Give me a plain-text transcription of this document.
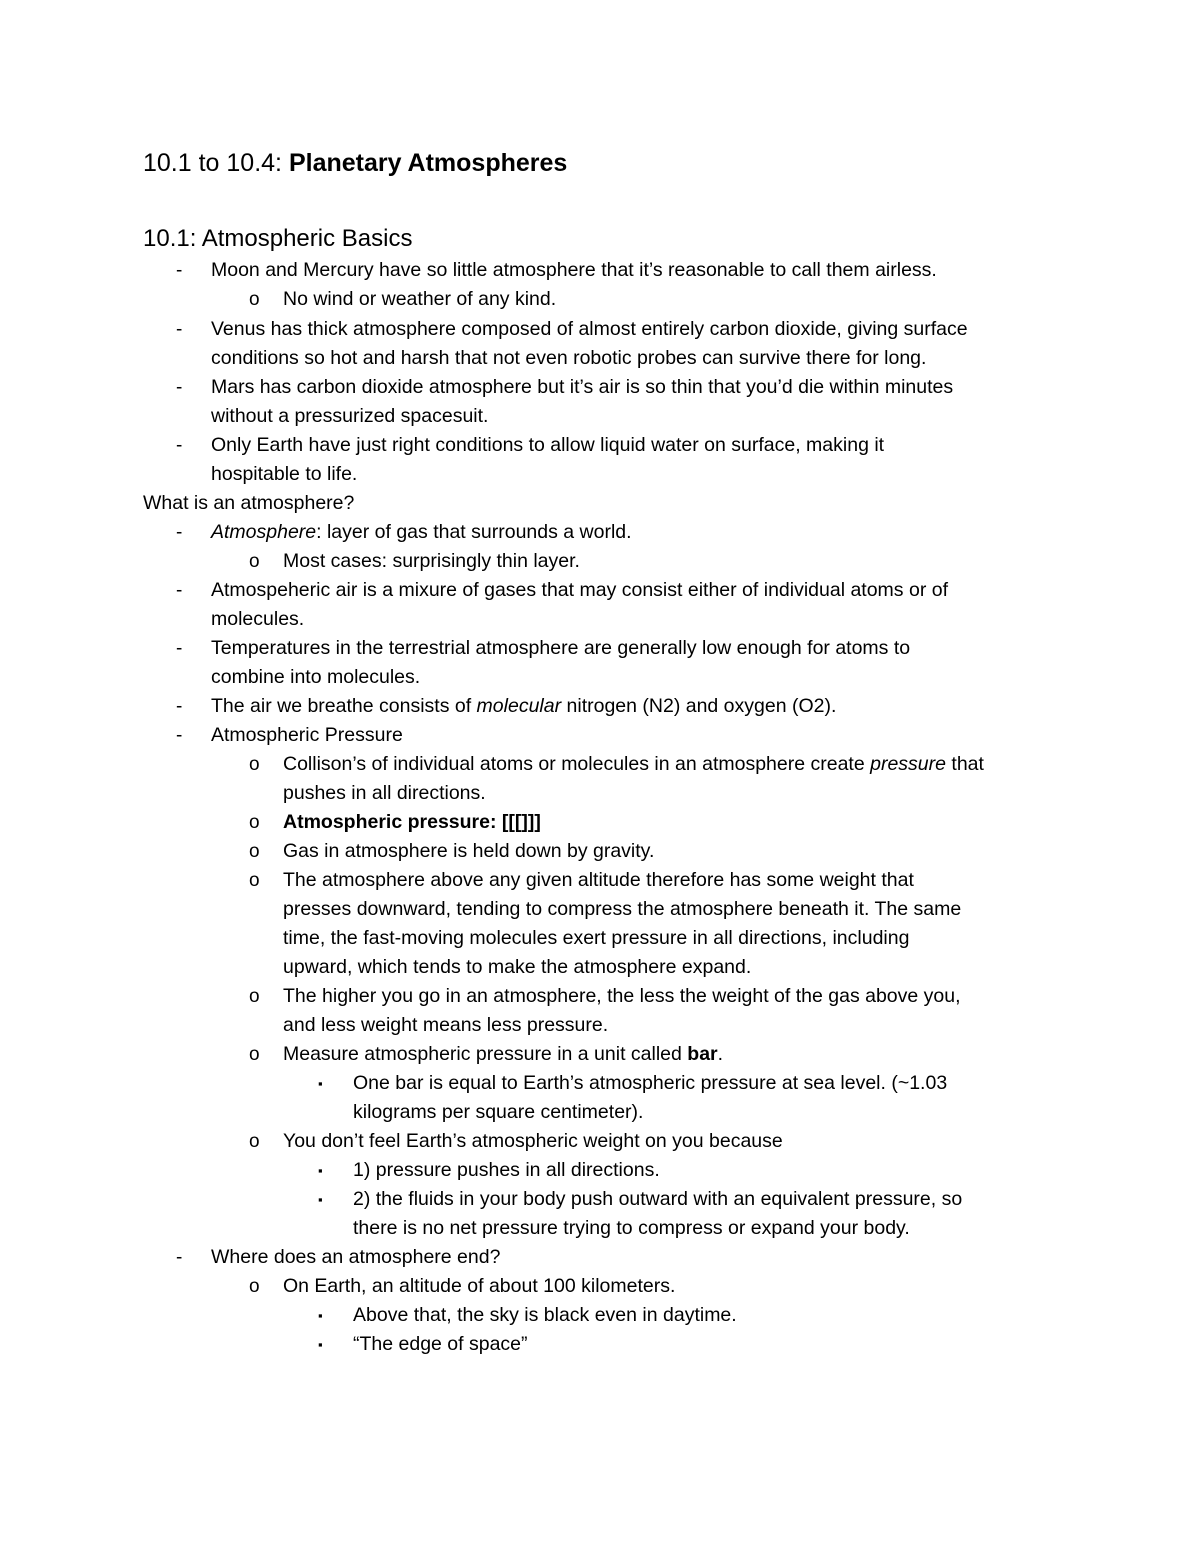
10.1 to 10.4: Planetary Atmospheres
10.1: Atmospheric Basics
- Moon and Mercury have so little atmosphere that it’s reasonable to call them airless.
o No wind or weather of any kind.
- Venus has thick atmosphere composed of almost entirely carbon dioxide, giving surface
conditions so hot and harsh that not even robotic probes can survive there for long.
- Mars has carbon dioxide atmosphere but it’s air is so thin that you’d die within minutes
without a pressurized spacesuit.
- Only Earth have just right conditions to allow liquid water on surface, making it
hospitable to life.
What is an atmosphere?
- Atmosphere: layer of gas that surrounds a world.
o Most cases: surprisingly thin layer.
- Atmospeheric air is a mixure of gases that may consist either of individual atoms or of
molecules.
- Temperatures in the terrestrial atmosphere are generally low enough for atoms to
combine into molecules.
- The air we breathe consists of molecular nitrogen (N2) and oxygen (O2).
- Atmospheric Pressure
o Collison’s of individual atoms or molecules in an atmosphere create pressure that
pushes in all directions.
o Atmospheric pressure: [[[]]]
o Gas in atmosphere is held down by gravity.
o The atmosphere above any given altitude therefore has some weight that
presses downward, tending to compress the atmosphere beneath it. The same
time, the fast-moving molecules exert pressure in all directions, including
upward, which tends to make the atmosphere expand.
o The higher you go in an atmosphere, the less the weight of the gas above you,
and less weight means less pressure.
o Measure atmospheric pressure in a unit called bar.
▪ One bar is equal to Earth’s atmospheric pressure at sea level. (~1.03
kilograms per square centimeter).
o You don’t feel Earth’s atmospheric weight on you because
▪ 1) pressure pushes in all directions.
▪ 2) the fluids in your body push outward with an equivalent pressure, so
there is no net pressure trying to compress or expand your body.
- Where does an atmosphere end?
o On Earth, an altitude of about 100 kilometers.
▪ Above that, the sky is black even in daytime.
▪ “The edge of space”
